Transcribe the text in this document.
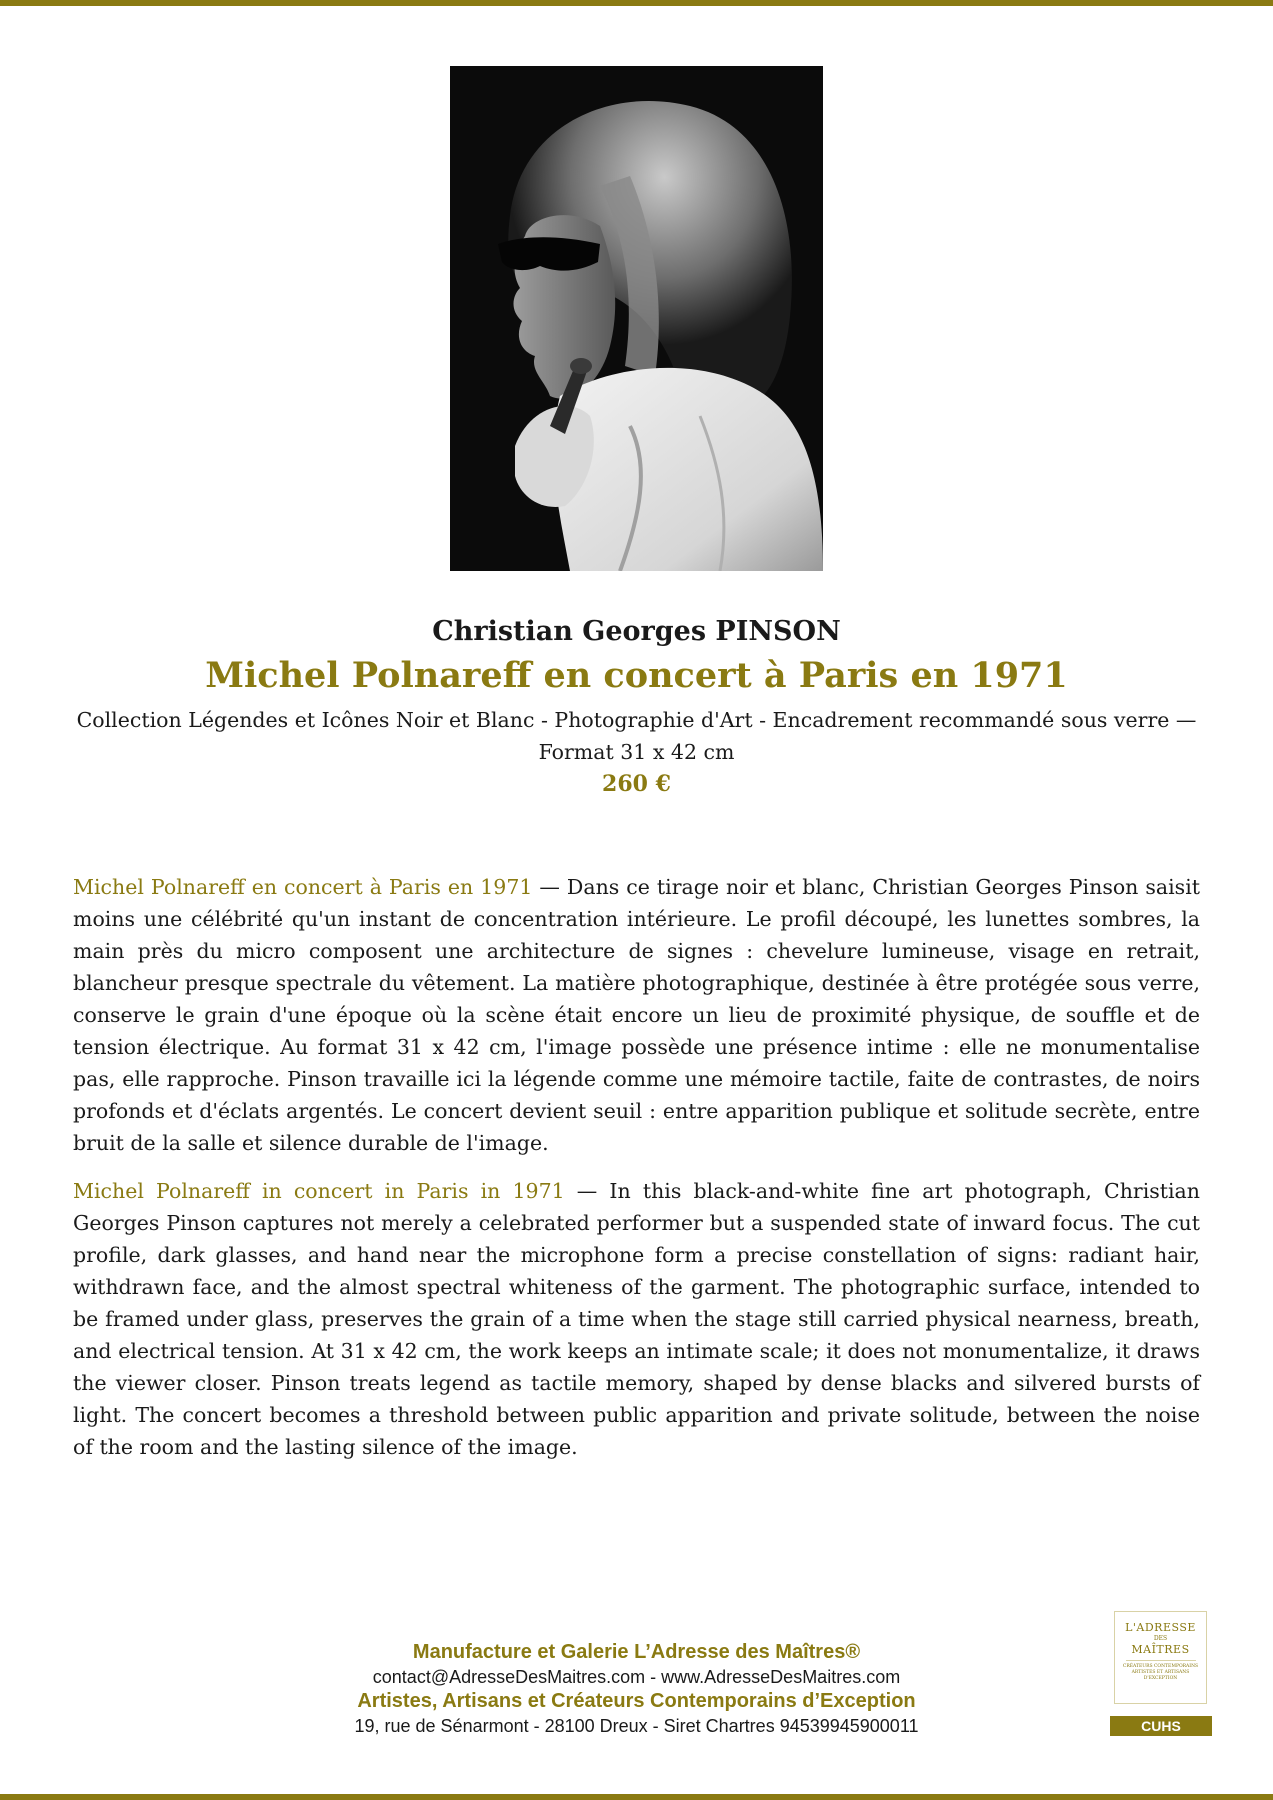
Christian Georges PINSON
Michel Polnareff en concert à Paris en 1971
Collection Légendes et Icônes Noir et Blanc - Photographie d'Art - Encadrement recommandé sous verre — Format 31 x 42 cm
260 €

Michel Polnareff en concert à Paris en 1971 — Dans ce tirage noir et blanc, Christian Georges Pinson saisit moins une célébrité qu'un instant de concentration intérieure. Le profil découpé, les lunettes sombres, la main près du micro composent une architecture de signes : chevelure lumineuse, visage en retrait, blancheur presque spectrale du vêtement. La matière photographique, destinée à être protégée sous verre, conserve le grain d'une époque où la scène était encore un lieu de proximité physique, de souffle et de tension électrique. Au format 31 x 42 cm, l'image possède une présence intime : elle ne monumentalise pas, elle rapproche. Pinson travaille ici la légende comme une mémoire tactile, faite de contrastes, de noirs profonds et d'éclats argentés. Le concert devient seuil : entre apparition publique et solitude secrète, entre bruit de la salle et silence durable de l'image.

Michel Polnareff in concert in Paris in 1971 — In this black-and-white fine art photograph, Christian Georges Pinson captures not merely a celebrated performer but a suspended state of inward focus. The cut profile, dark glasses, and hand near the microphone form a precise constellation of signs: radiant hair, withdrawn face, and the almost spectral whiteness of the garment. The photographic surface, intended to be framed under glass, preserves the grain of a time when the stage still carried physical nearness, breath, and electrical tension. At 31 x 42 cm, the work keeps an intimate scale; it does not monumentalize, it draws the viewer closer. Pinson treats legend as tactile memory, shaped by dense blacks and silvered bursts of light. The concert becomes a threshold between public apparition and private solitude, between the noise of the room and the lasting silence of the image.

Manufacture et Galerie L’Adresse des Maîtres®
contact@AdresseDesMaitres.com - www.AdresseDesMaitres.com
Artistes, Artisans et Créateurs Contemporains d’Exception
19, rue de Sénarmont - 28100 Dreux - Siret Chartres 94539945900011
L'ADRESSE
DES
MAÎTRES
CRÉATEURS CONTEMPORAINS ARTISTES ET ARTISANS D'EXCEPTION
CUHS
